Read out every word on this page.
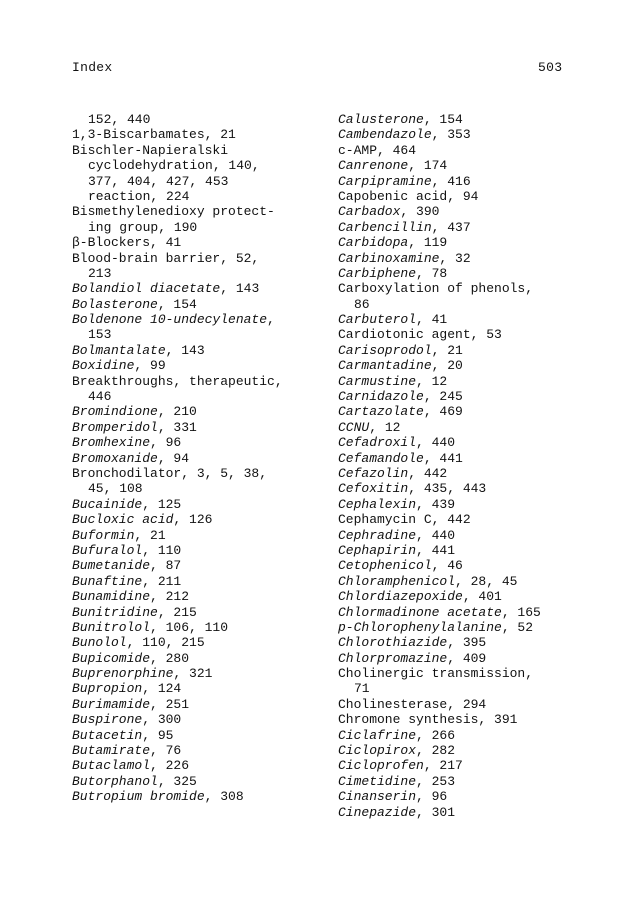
Index	503
152, 440
1,3-Biscarbamates, 21
Bischler-Napieralski
cyclodehydration, 140,
377, 404, 427, 453
reaction, 224
Bismethylenedioxy protect-
ing group, 190
β-Blockers, 41
Blood-brain barrier, 52,
213
Bolandiol diacetate, 143
Bolasterone, 154
Boldenone 10-undecylenate,
153
Bolmantalate, 143
Boxidine, 99
Breakthroughs, therapeutic,
446
Bromindione, 210
Bromperidol, 331
Bromhexine, 96
Bromoxanide, 94
Bronchodilator, 3, 5, 38,
45, 108
Bucainide, 125
Bucloxic acid, 126
Buformin, 21
Bufuralol, 110
Bumetanide, 87
Bunaftine, 211
Bunamidine, 212
Bunitridine, 215
Bunitrolol, 106, 110
Bunolol, 110, 215
Bupicomide, 280
Buprenorphine, 321
Bupropion, 124
Burimamide, 251
Buspirone, 300
Butacetin, 95
Butamirate, 76
Butaclamol, 226
Butorphanol, 325
Butropium bromide, 308
Calusterone, 154
Cambendazole, 353
c-AMP, 464
Canrenone, 174
Carpipramine, 416
Capobenic acid, 94
Carbadox, 390
Carbencillin, 437
Carbidopa, 119
Carbinoxamine, 32
Carbiphene, 78
Carboxylation of phenols,
86
Carbuterol, 41
Cardiotonic agent, 53
Carisoprodol, 21
Carmantadine, 20
Carmustine, 12
Carnidazole, 245
Cartazolate, 469
CCNU, 12
Cefadroxil, 440
Cefamandole, 441
Cefazolin, 442
Cefoxitin, 435, 443
Cephalexin, 439
Cephamycin C, 442
Cephradine, 440
Cephapirin, 441
Cetophenicol, 46
Chloramphenicol, 28, 45
Chlordiazepoxide, 401
Chlormadinone acetate, 165
p-Chlorophenylalanine, 52
Chlorothiazide, 395
Chlorpromazine, 409
Cholinergic transmission,
71
Cholinesterase, 294
Chromone synthesis, 391
Ciclafrine, 266
Ciclopirox, 282
Cicloprofen, 217
Cimetidine, 253
Cinanserin, 96
Cinepazide, 301
